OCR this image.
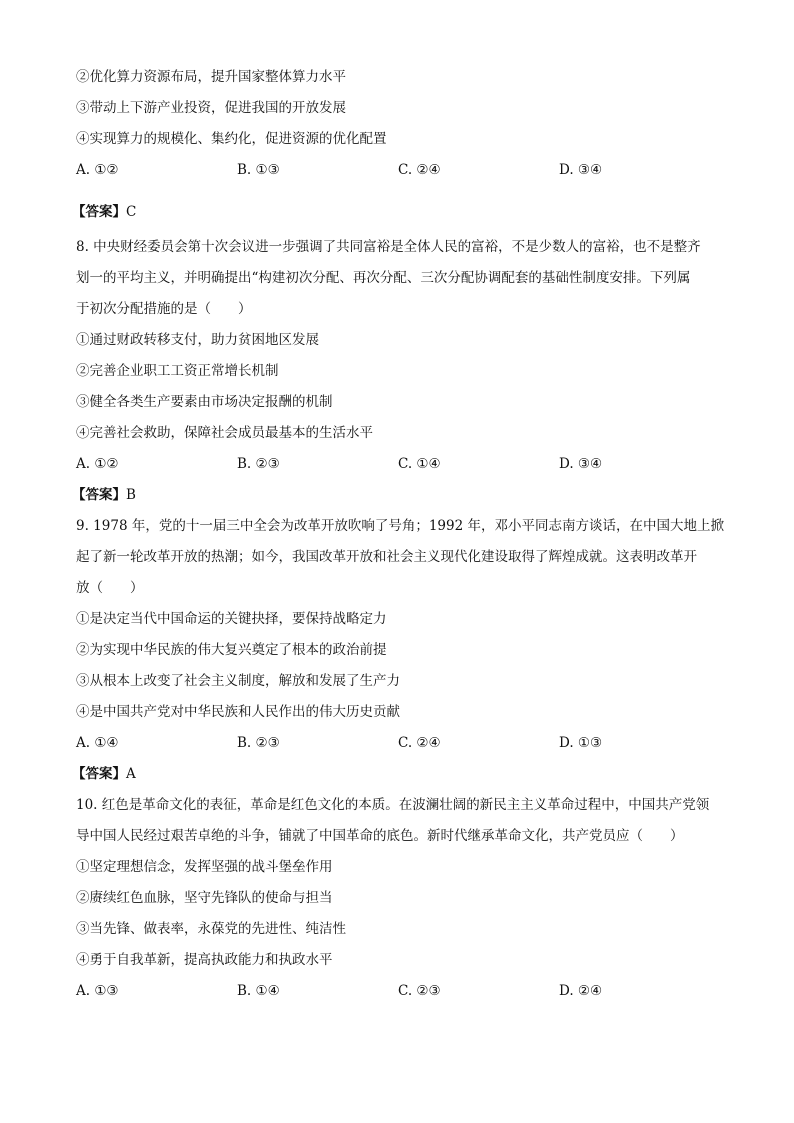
②优化算力资源布局，提升国家整体算力水平
③带动上下游产业投资，促进我国的开放发展
④实现算力的规模化、集约化，促进资源的优化配置
A. ①②	B. ①③	C. ②④	D. ③④
【答案】C
8. 中央财经委员会第十次会议进一步强调了共同富裕是全体人民的富裕，不是少数人的富裕，也不是整齐
划一的平均主义，并明确提出“构建初次分配、再次分配、三次分配协调配套的基础性制度安排。下列属
于初次分配措施的是（　　）
①通过财政转移支付，助力贫困地区发展
②完善企业职工工资正常增长机制
③健全各类生产要素由市场决定报酬的机制
④完善社会救助，保障社会成员最基本的生活水平
A. ①②	B. ②③	C. ①④	D. ③④
【答案】B
9. 1978 年，党的十一届三中全会为改革开放吹响了号角；1992 年，邓小平同志南方谈话，在中国大地上掀
起了新一轮改革开放的热潮；如今，我国改革开放和社会主义现代化建设取得了辉煌成就。这表明改革开
放（　　）
①是决定当代中国命运的关键抉择，要保持战略定力
②为实现中华民族的伟大复兴奠定了根本的政治前提
③从根本上改变了社会主义制度，解放和发展了生产力
④是中国共产党对中华民族和人民作出的伟大历史贡献
A. ①④	B. ②③	C. ②④	D. ①③
【答案】A
10. 红色是革命文化的表征，革命是红色文化的本质。在波澜壮阔的新民主主义革命过程中，中国共产党领
导中国人民经过艰苦卓绝的斗争，铺就了中国革命的底色。新时代继承革命文化，共产党员应（　　）
①坚定理想信念，发挥坚强的战斗堡垒作用
②赓续红色血脉，坚守先锋队的使命与担当
③当先锋、做表率，永葆党的先进性、纯洁性
④勇于自我革新，提高执政能力和执政水平
A. ①③	B. ①④	C. ②③	D. ②④
